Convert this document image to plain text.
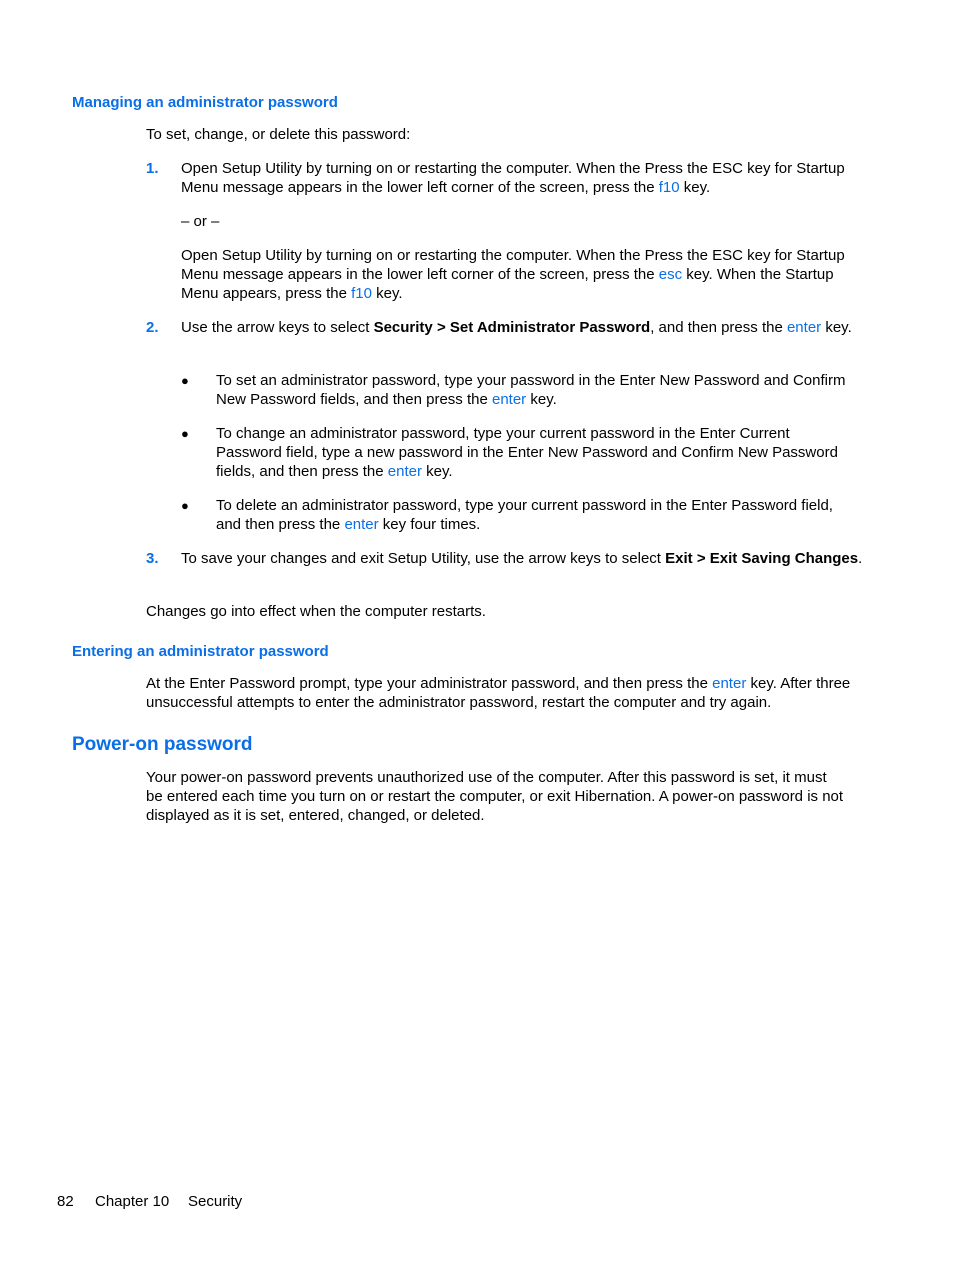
Managing an administrator password
To set, change, or delete this password:
1. Open Setup Utility by turning on or restarting the computer. When the Press the ESC key for Startup Menu message appears in the lower left corner of the screen, press the f10 key.
– or –
Open Setup Utility by turning on or restarting the computer. When the Press the ESC key for Startup Menu message appears in the lower left corner of the screen, press the esc key. When the Startup Menu appears, press the f10 key.
2. Use the arrow keys to select Security > Set Administrator Password, and then press the enter key.
● To set an administrator password, type your password in the Enter New Password and Confirm New Password fields, and then press the enter key.
● To change an administrator password, type your current password in the Enter Current Password field, type a new password in the Enter New Password and Confirm New Password fields, and then press the enter key.
● To delete an administrator password, type your current password in the Enter Password field, and then press the enter key four times.
3. To save your changes and exit Setup Utility, use the arrow keys to select Exit > Exit Saving Changes.
Changes go into effect when the computer restarts.
Entering an administrator password
At the Enter Password prompt, type your administrator password, and then press the enter key. After three unsuccessful attempts to enter the administrator password, restart the computer and try again.
Power-on password
Your power-on password prevents unauthorized use of the computer. After this password is set, it must be entered each time you turn on or restart the computer, or exit Hibernation. A power-on password is not displayed as it is set, entered, changed, or deleted.
82 Chapter 10 Security
